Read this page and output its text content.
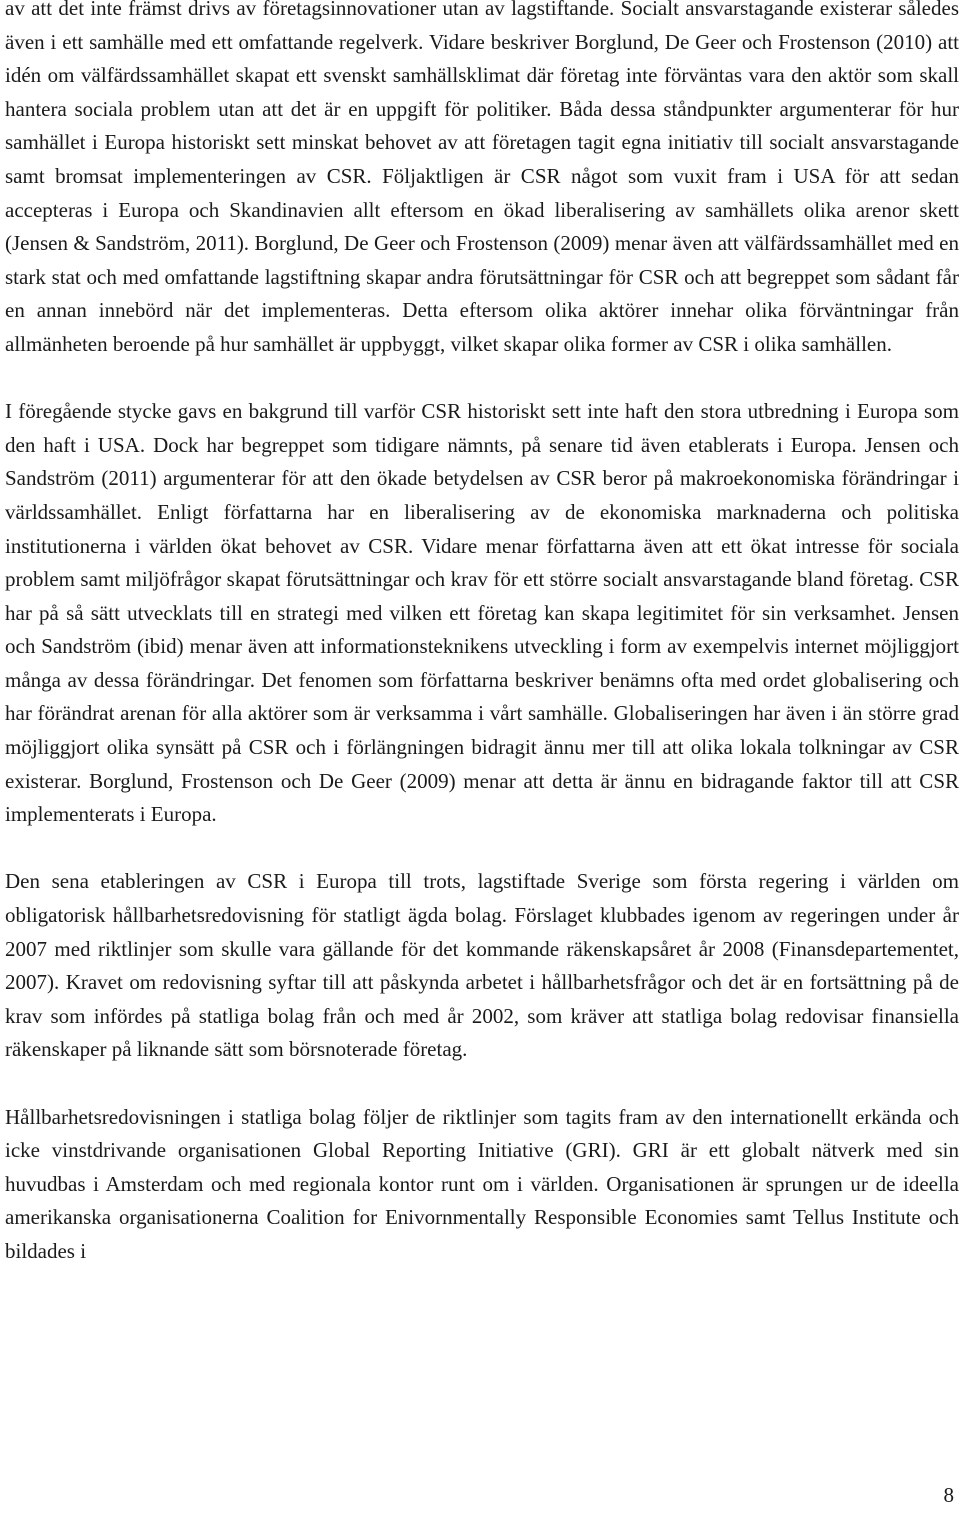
av att det inte främst drivs av företagsinnovationer utan av lagstiftande. Socialt ansvarstagande existerar således även i ett samhälle med ett omfattande regelverk. Vidare beskriver Borglund, De Geer och Frostenson (2010) att idén om välfärdssamhället skapat ett svenskt samhällsklimat där företag inte förväntas vara den aktör som skall hantera sociala problem utan att det är en uppgift för politiker. Båda dessa ståndpunkter argumenterar för hur samhället i Europa historiskt sett minskat behovet av att företagen tagit egna initiativ till socialt ansvarstagande samt bromsat implementeringen av CSR. Följaktligen är CSR något som vuxit fram i USA för att sedan accepteras i Europa och Skandinavien allt eftersom en ökad liberalisering av samhällets olika arenor skett (Jensen & Sandström, 2011). Borglund, De Geer och Frostenson (2009) menar även att välfärdssamhället med en stark stat och med omfattande lagstiftning skapar andra förutsättningar för CSR och att begreppet som sådant får en annan innebörd när det implementeras. Detta eftersom olika aktörer innehar olika förväntningar från allmänheten beroende på hur samhället är uppbyggt, vilket skapar olika former av CSR i olika samhällen.

I föregående stycke gavs en bakgrund till varför CSR historiskt sett inte haft den stora utbredning i Europa som den haft i USA. Dock har begreppet som tidigare nämnts, på senare tid även etablerats i Europa. Jensen och Sandström (2011) argumenterar för att den ökade betydelsen av CSR beror på makroekonomiska förändringar i världssamhället. Enligt författarna har en liberalisering av de ekonomiska marknaderna och politiska institutionerna i världen ökat behovet av CSR. Vidare menar författarna även att ett ökat intresse för sociala problem samt miljöfrågor skapat förutsättningar och krav för ett större socialt ansvarstagande bland företag. CSR har på så sätt utvecklats till en strategi med vilken ett företag kan skapa legitimitet för sin verksamhet. Jensen och Sandström (ibid) menar även att informationsteknikens utveckling i form av exempelvis internet möjliggjort många av dessa förändringar. Det fenomen som författarna beskriver benämns ofta med ordet globalisering och har förändrat arenan för alla aktörer som är verksamma i vårt samhälle. Globaliseringen har även i än större grad möjliggjort olika synsätt på CSR och i förlängningen bidragit ännu mer till att olika lokala tolkningar av CSR existerar. Borglund, Frostenson och De Geer (2009) menar att detta är ännu en bidragande faktor till att CSR implementerats i Europa.

Den sena etableringen av CSR i Europa till trots, lagstiftade Sverige som första regering i världen om obligatorisk hållbarhetsredovisning för statligt ägda bolag. Förslaget klubbades igenom av regeringen under år 2007 med riktlinjer som skulle vara gällande för det kommande räkenskapsåret år 2008 (Finansdepartementet, 2007). Kravet om redovisning syftar till att påskynda arbetet i hållbarhetsfrågor och det är en fortsättning på de krav som infördes på statliga bolag från och med år 2002, som kräver att statliga bolag redovisar finansiella räkenskaper på liknande sätt som börsnoterade företag.

Hållbarhetsredovisningen i statliga bolag följer de riktlinjer som tagits fram av den internationellt erkända och icke vinstdrivande organisationen Global Reporting Initiative (GRI). GRI är ett globalt nätverk med sin huvudbas i Amsterdam och med regionala kontor runt om i världen. Organisationen är sprungen ur de ideella amerikanska organisationerna Coalition for Enivornmentally Responsible Economies samt Tellus Institute och bildades i

8
